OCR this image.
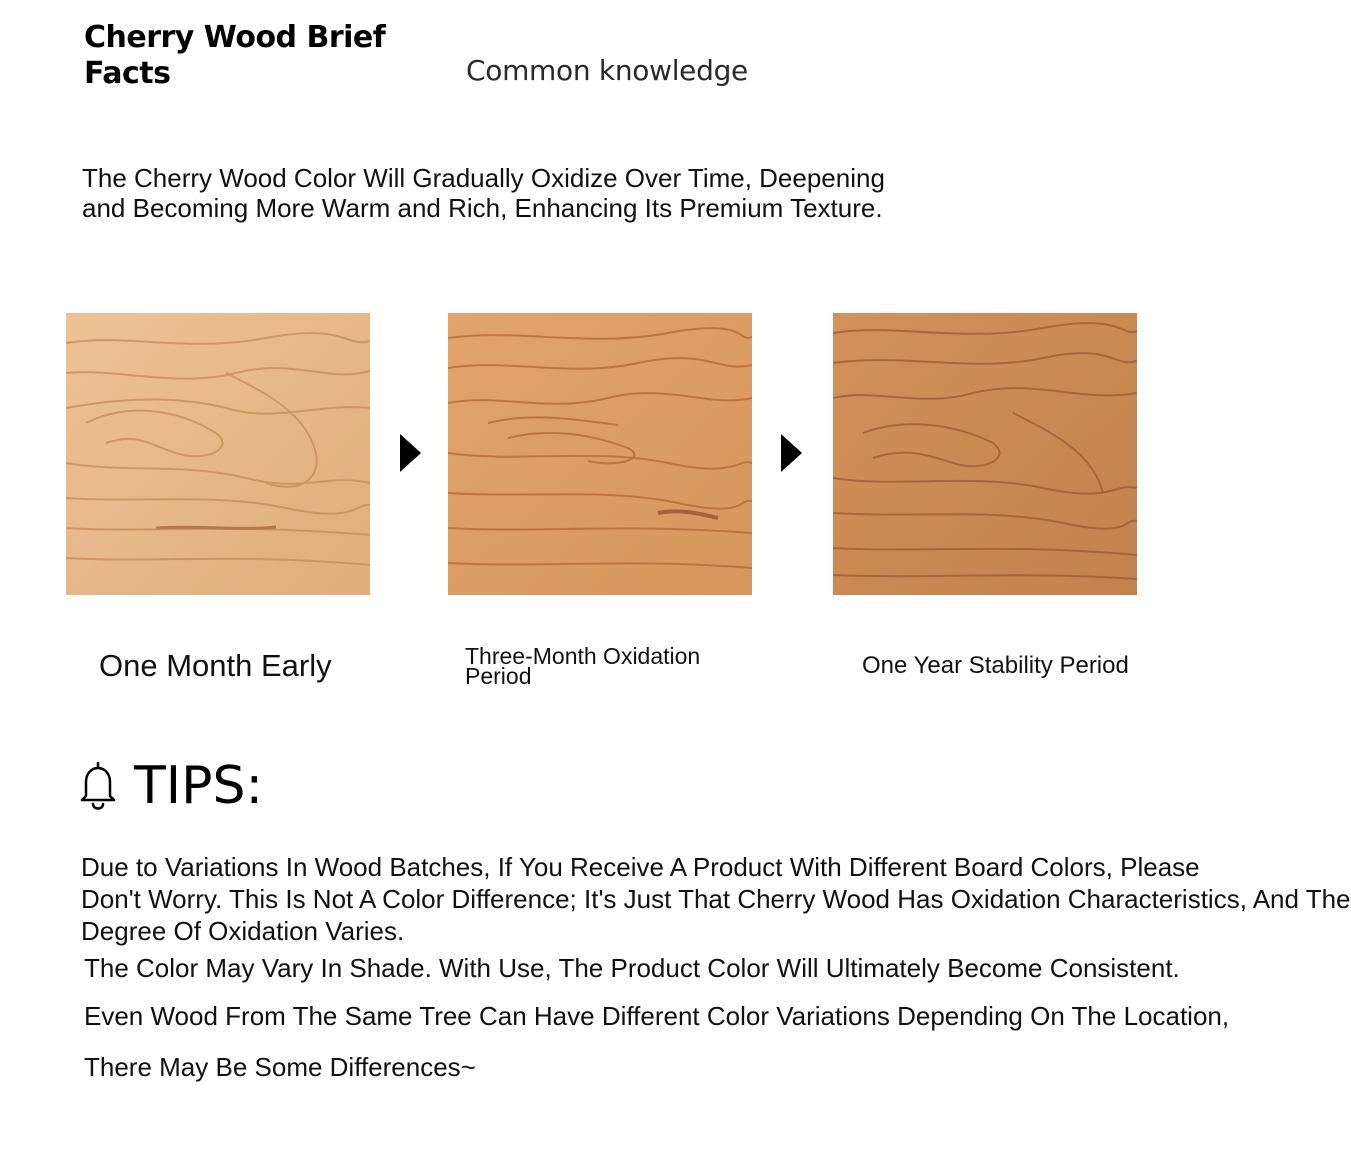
Cherry Wood Brief Facts	Common knowledge
The Cherry Wood Color Will Gradually Oxidize Over Time, Deepening
and Becoming More Warm and Rich, Enhancing Its Premium Texture.
One Month Early	Three-Month Oxidation Period	One Year Stability Period
TIPS:
Due to Variations In Wood Batches, If You Receive A Product With Different Board Colors, Please
Don't Worry. This Is Not A Color Difference; It's Just That Cherry Wood Has Oxidation Characteristics, And The
Degree Of Oxidation Varies.
The Color May Vary In Shade. With Use, The Product Color Will Ultimately Become Consistent.
Even Wood From The Same Tree Can Have Different Color Variations Depending On The Location,
There May Be Some Differences~
